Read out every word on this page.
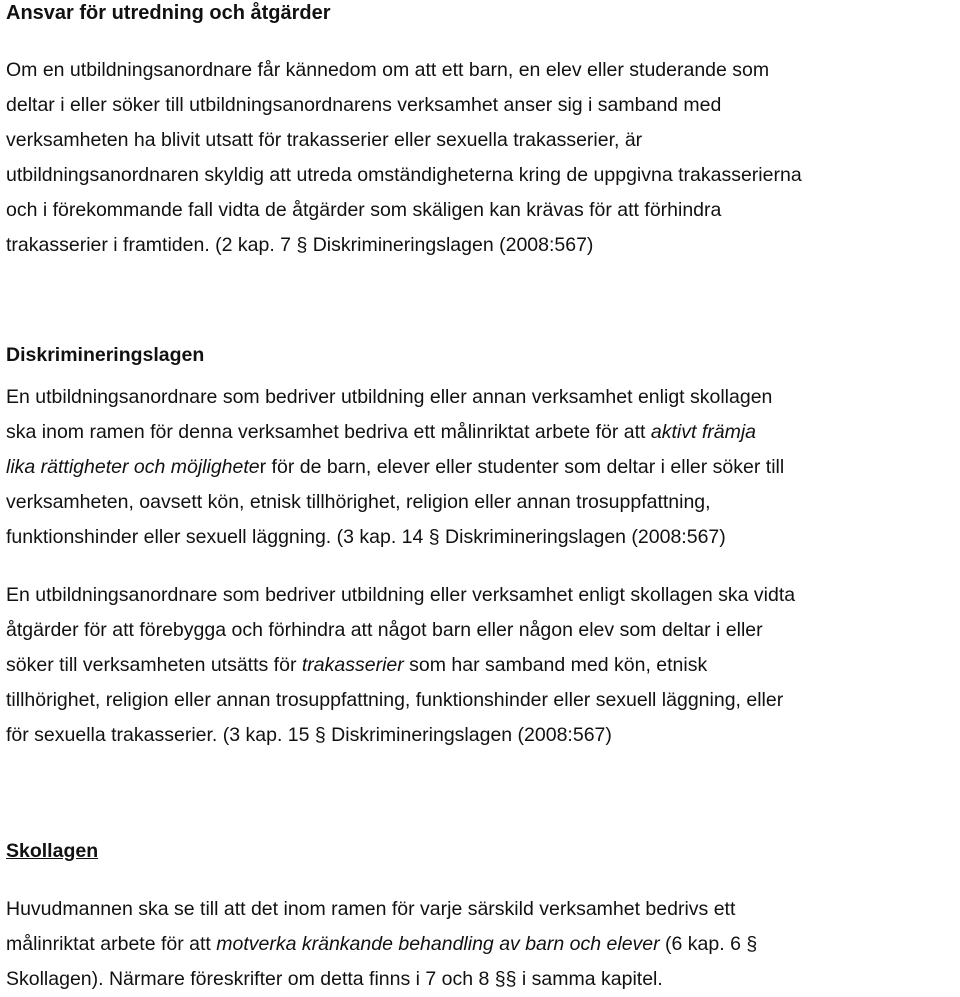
Ansvar för utredning och åtgärder
Om en utbildningsanordnare får kännedom om att ett barn, en elev eller studerande som
deltar i eller söker till utbildningsanordnarens verksamhet anser sig i samband med
verksamheten ha blivit utsatt för trakasserier eller sexuella trakasserier, är
utbildningsanordnaren skyldig att utreda omständigheterna kring de uppgivna trakasserierna
och i förekommande fall vidta de åtgärder som skäligen kan krävas för att förhindra
trakasserier i framtiden. (2 kap. 7 § Diskrimineringslagen (2008:567)
Diskrimineringslagen
En utbildningsanordnare som bedriver utbildning eller annan verksamhet enligt skollagen
ska inom ramen för denna verksamhet bedriva ett målinriktat arbete för att aktivt främja
lika rättigheter och möjligheter för de barn, elever eller studenter som deltar i eller söker till
verksamheten, oavsett kön, etnisk tillhörighet, religion eller annan trosuppfattning,
funktionshinder eller sexuell läggning. (3 kap. 14 § Diskrimineringslagen (2008:567)
En utbildningsanordnare som bedriver utbildning eller verksamhet enligt skollagen ska vidta
åtgärder för att förebygga och förhindra att något barn eller någon elev som deltar i eller
söker till verksamheten utsätts för trakasserier som har samband med kön, etnisk
tillhörighet, religion eller annan trosuppfattning, funktionshinder eller sexuell läggning, eller
för sexuella trakasserier. (3 kap. 15 § Diskrimineringslagen (2008:567)
Skollagen
Huvudmannen ska se till att det inom ramen för varje särskild verksamhet bedrivs ett
målinriktat arbete för att motverka kränkande behandling av barn och elever (6 kap. 6 §
Skollagen). Närmare föreskrifter om detta finns i 7 och 8 §§ i samma kapitel.
